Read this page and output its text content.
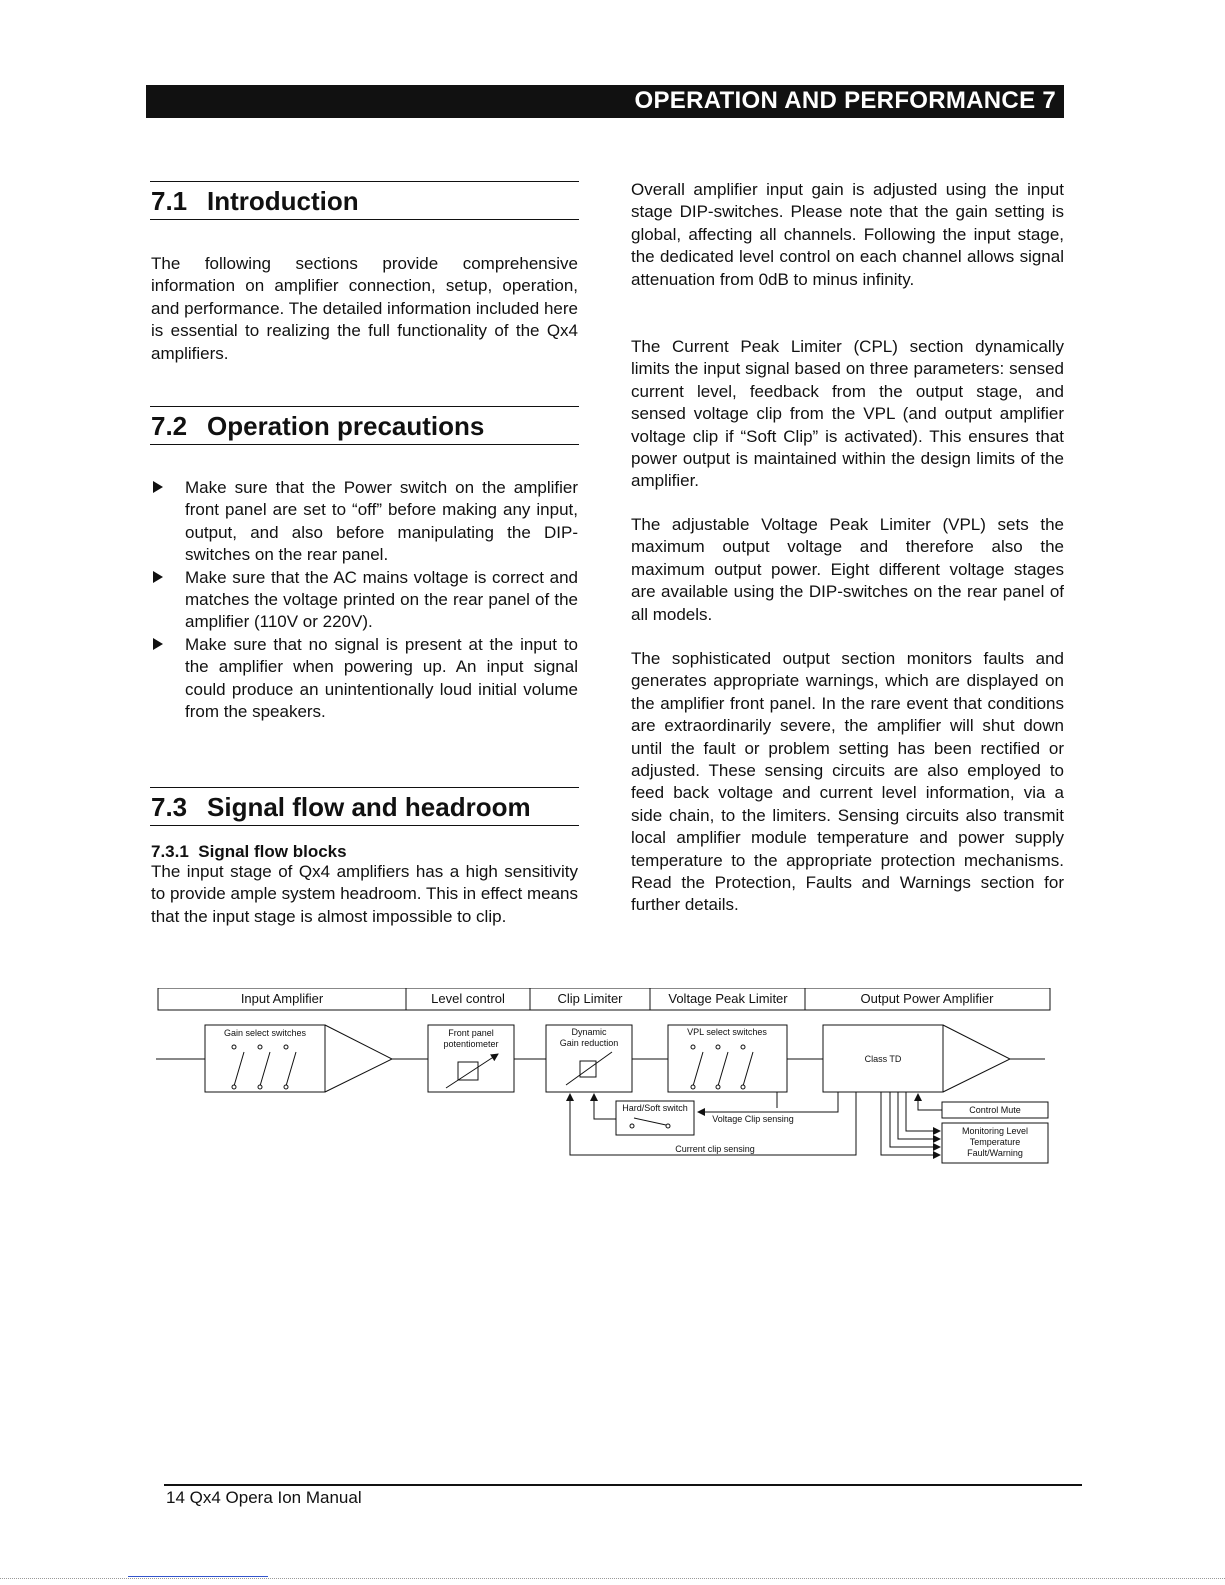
OPERATION AND PERFORMANCE 7
7.1 Introduction

The following sections provide comprehensive information on amplifier connection, setup, operation, and performance. The detailed information included here is essential to realizing the full functionality of the Qx4 amplifiers.

7.2 Operation precautions
Make sure that the Power switch on the amplifier front panel are set to “off” before making any input, output, and also before manipulating the DIP-switches on the rear panel.
Make sure that the AC mains voltage is correct and matches the voltage printed on the rear panel of the amplifier (110V or 220V).
Make sure that no signal is present at the input to the amplifier when powering up. An input signal could produce an unintentionally loud initial volume from the speakers.
7.3 Signal flow and headroom
7.3.1 Signal flow blocks

The input stage of Qx4 amplifiers has a high sensitivity to provide ample system headroom. This in effect means that the input stage is almost impossible to clip.

Overall amplifier input gain is adjusted using the input stage DIP-switches. Please note that the gain setting is global, affecting all channels. Following the input stage, the dedicated level control on each channel allows signal attenuation from 0dB to minus infinity.

The Current Peak Limiter (CPL) section dynamically limits the input signal based on three parameters: sensed current level, feedback from the output stage, and sensed voltage clip from the VPL (and output amplifier voltage clip if “Soft Clip” is activated). This ensures that power output is maintained within the design limits of the amplifier.

The adjustable Voltage Peak Limiter (VPL) sets the maximum output voltage and therefore also the maximum output power. Eight different voltage stages are available using the DIP-switches on the rear panel of all models.

The sophisticated output section monitors faults and generates appropriate warnings, which are displayed on the amplifier front panel. In the rare event that conditions are extraordinarily severe, the amplifier will shut down until the fault or problem setting has been rectified or adjusted. These sensing circuits are also employed to feed back voltage and current level information, via a side chain, to the limiters. Sensing circuits also transmit local amplifier module temperature and power supply temperature to the appropriate protection mechanisms. Read the Protection, Faults and Warnings section for further details.

Input Amplifier	Level control	Clip Limiter	Voltage Peak Limiter	Output Power Amplifier
Gain select switches	Front panel
potentiometer
Dynamic
Gain reduction
VPL select switches
Class TD
Hard/Soft switch
Voltage Clip sensing
Current clip sensing
Control Mute
Monitoring Level
Temperature
Fault/Warning
14 Qx4 Opera Ion Manual
